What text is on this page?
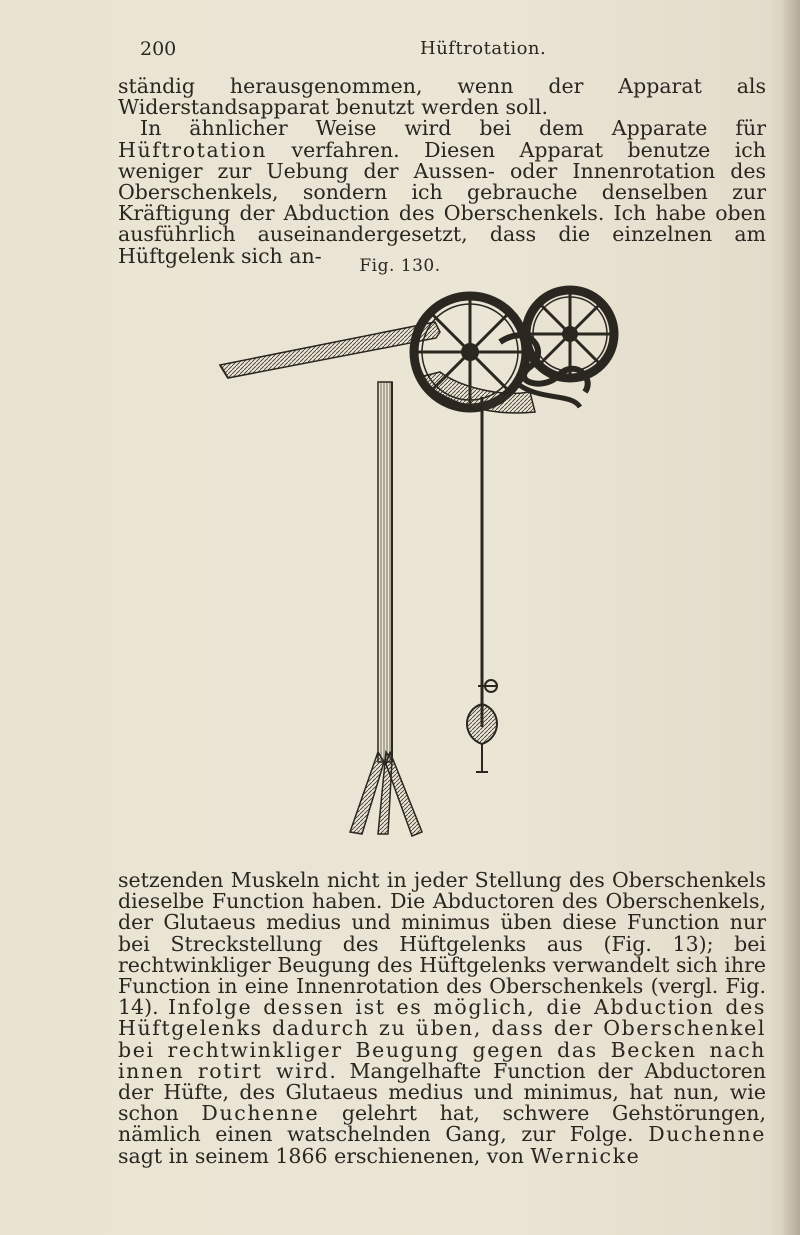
200	Hüftrotation.

ständig herausgenommen, wenn der Apparat als Widerstandsapparat benutzt werden soll.

In ähnlicher Weise wird bei dem Apparate für Hüftrotation verfahren. Diesen Apparat benutze ich weniger zur Uebung der Aussen- oder Innenrotation des Oberschenkels, sondern ich gebrauche denselben zur Kräftigung der Abduction des Oberschenkels. Ich habe oben ausführlich auseinandergesetzt, dass die einzelnen am Hüftgelenk sich an-	Fig. 130.

setzenden Muskeln nicht in jeder Stellung des Oberschenkels dieselbe Function haben. Die Abductoren des Oberschenkels, der Glutaeus medius und minimus üben diese Function nur bei Streckstellung des Hüftgelenks aus (Fig. 13); bei rechtwinkliger Beugung des Hüftgelenks verwandelt sich ihre Function in eine Innenrotation des Oberschenkels (vergl. Fig. 14). Infolge dessen ist es möglich, die Abduction des Hüftgelenks dadurch zu üben, dass der Oberschenkel bei rechtwinkliger Beugung gegen das Becken nach innen rotirt wird. Mangelhafte Function der Abductoren der Hüfte, des Glutaeus medius und minimus, hat nun, wie schon Duchenne gelehrt hat, schwere Gehstörungen, nämlich einen watschelnden Gang, zur Folge. Duchenne sagt in seinem 1866 erschienenen, von Wernicke
